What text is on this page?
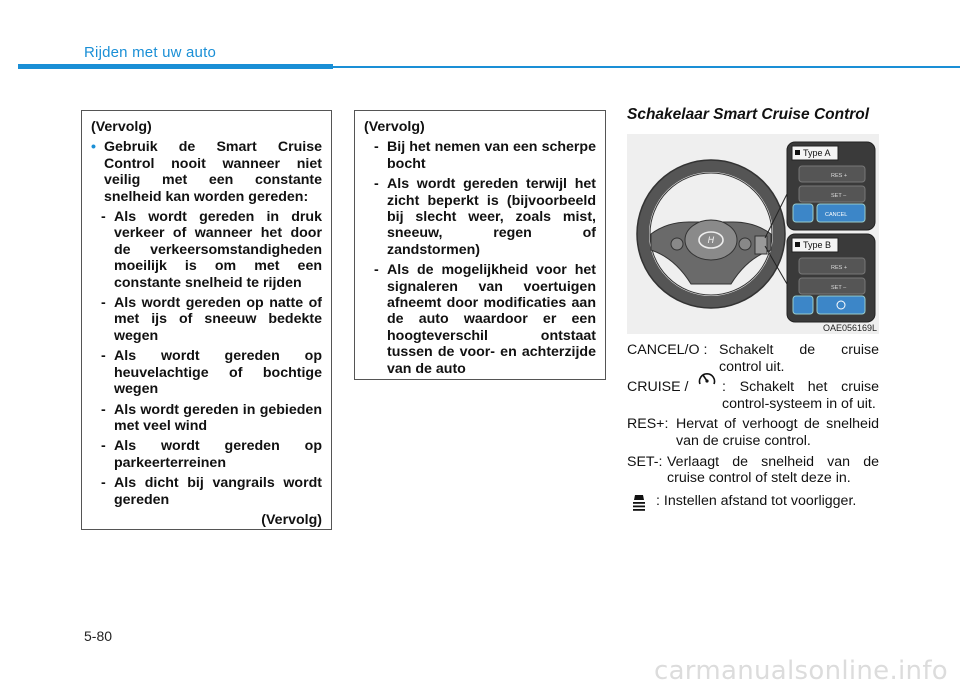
Rijden met uw auto

(Vervolg)

• Gebruik de Smart Cruise Control nooit wanneer niet veilig met een constante snelheid kan worden gereden:

- Als wordt gereden in druk verkeer of wanneer het door de verkeersomstandigheden moeilijk is om met een constante snelheid te rijden

- Als wordt gereden op natte of met ijs of sneeuw bedekte wegen

- Als wordt gereden op heuvelachtige of bochtige wegen

- Als wordt gereden in gebieden met veel wind

- Als wordt gereden op parkeerterreinen

- Als dicht bij vangrails wordt gereden

(Vervolg)

(Vervolg)

- Bij het nemen van een scherpe bocht

- Als wordt gereden terwijl het zicht beperkt is (bijvoorbeeld bij slecht weer, zoals mist, sneeuw, regen of zandstormen)

- Als de mogelijkheid voor het signaleren van voertuigen afneemt door modificaties aan de auto waardoor er een hoogteverschil ontstaat tussen de voor- en achterzijde van de auto

Schakelaar Smart Cruise Control

H
Type A
RES +
SET –
CANCEL
Type B
RES +
SET –
OAE056169L
CANCEL/O : Schakelt de cruise control uit.
CRUISE /	: Schakelt het cruise control-systeem in of uit.
RES+: Hervat of verhoogt de snelheid van de cruise control.
SET-: Verlaagt de snelheid van de cruise control of stelt deze in.
: Instellen afstand tot voorligger.
5-80
carmanualsonline.info
